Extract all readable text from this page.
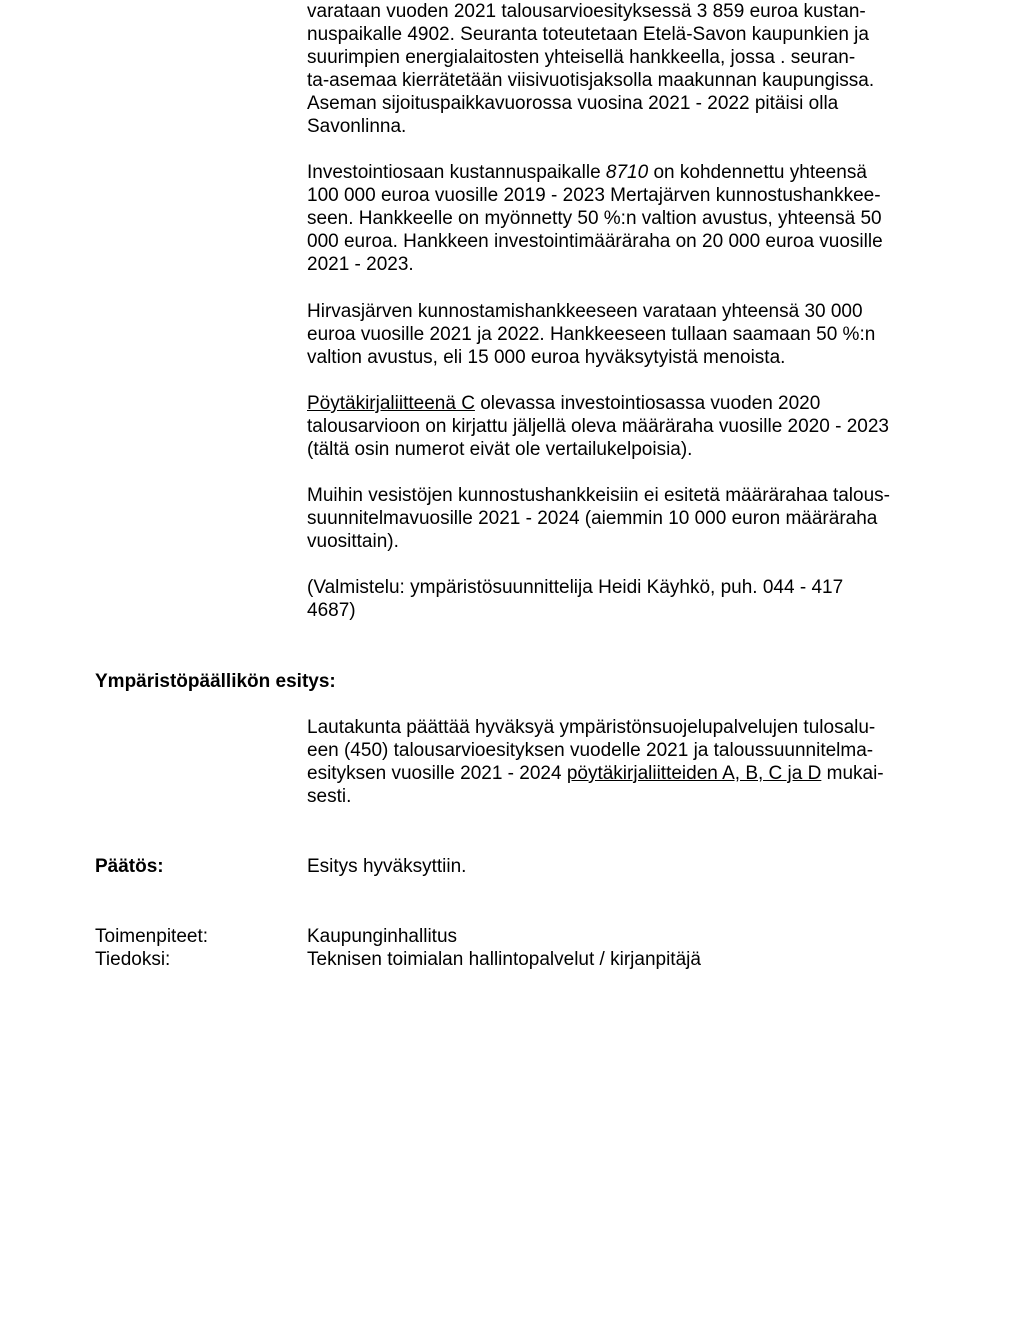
varataan vuoden 2021 talousarvioesityksessä 3 859 euroa kustan-
nuspaikalle 4902. Seuranta toteutetaan Etelä-Savon kaupunkien ja
suurimpien energialaitosten yhteisellä hankkeella, jossa . seuran-
ta-asemaa kierrätetään viisivuotisjaksolla maakunnan kaupungissa.
Aseman sijoituspaikkavuorossa vuosina 2021 - 2022 pitäisi olla
Savonlinna.

Investointiosaan kustannuspaikalle 8710 on kohdennettu yhteensä
100 000 euroa vuosille 2019 - 2023 Mertajärven kunnostushankkee-
seen. Hankkeelle on myönnetty 50 %:n valtion avustus, yhteensä 50
000 euroa. Hankkeen investointimääräraha on 20 000 euroa vuosille
2021 - 2023.

Hirvasjärven kunnostamishankkeeseen varataan yhteensä 30 000
euroa vuosille 2021 ja 2022. Hankkeeseen tullaan saamaan 50 %:n
valtion avustus, eli 15 000 euroa hyväksytyistä menoista.

Pöytäkirjaliitteenä C olevassa investointiosassa vuoden 2020
talousarvioon on kirjattu jäljellä oleva määräraha vuosille 2020 - 2023
(tältä osin numerot eivät ole vertailukelpoisia).

Muihin vesistöjen kunnostushankkeisiin ei esitetä määrärahaa talous-
suunnitelmavuosille 2021 - 2024 (aiemmin 10 000 euron määräraha
vuosittain).

(Valmistelu: ympäristösuunnittelija Heidi Käyhkö, puh. 044 - 417
4687)

Ympäristöpäällikön esitys:

Lautakunta päättää hyväksyä ympäristönsuojelupalvelujen tulosalu-
een (450) talousarvioesityksen vuodelle 2021 ja taloussuunnitelma-
esityksen vuosille 2021 - 2024 pöytäkirjaliitteiden A, B, C ja D mukai-
sesti.

Päätös:	Esitys hyväksyttiin.

Toimenpiteet:	Kaupunginhallitus

Tiedoksi:	Teknisen toimialan hallintopalvelut / kirjanpitäjä
